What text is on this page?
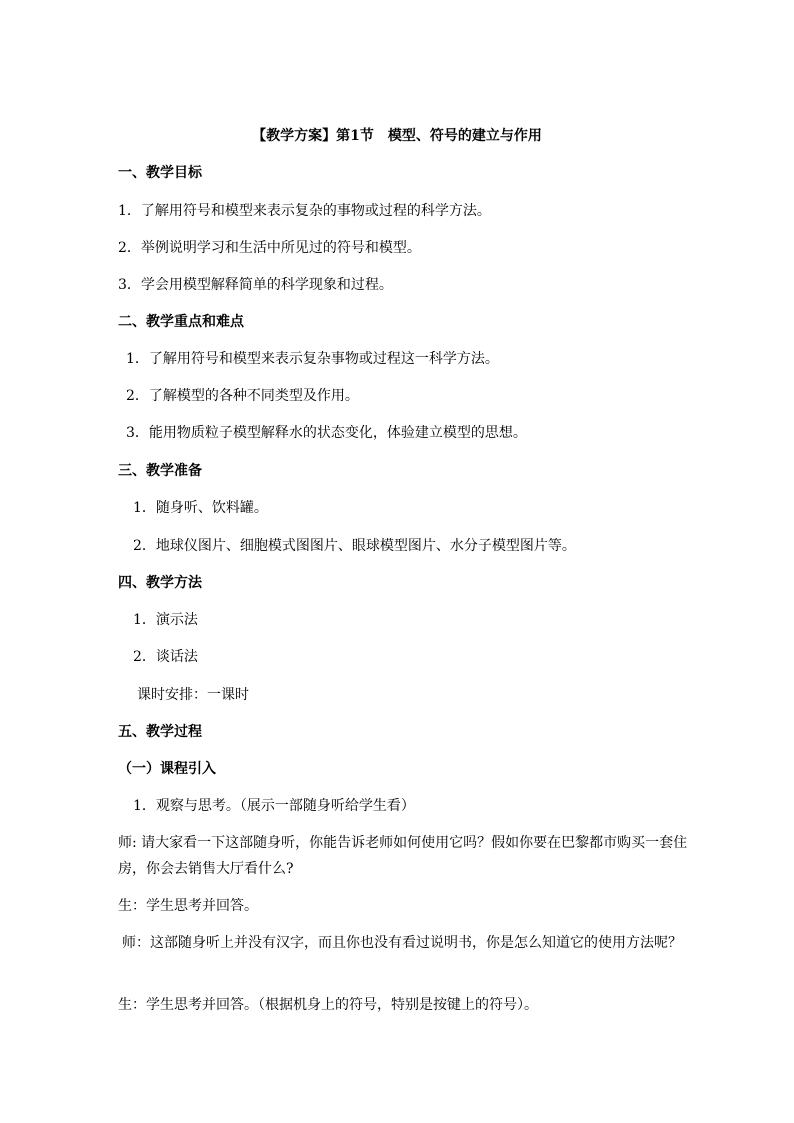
【教学方案】第1节　模型、符号的建立与作用
一、教学目标
1．了解用符号和模型来表示复杂的事物或过程的科学方法。
2．举例说明学习和生活中所见过的符号和模型。
3．学会用模型解释简单的科学现象和过程。
二、教学重点和难点
1．了解用符号和模型来表示复杂事物或过程这一科学方法。
2．了解模型的各种不同类型及作用。
3．能用物质粒子模型解释水的状态变化，体验建立模型的思想。
三、教学准备
1．随身听、饮料罐。
2．地球仪图片、细胞模式图图片、眼球模型图片、水分子模型图片等。
四、教学方法
1．演示法
2．谈话法
课时安排：一课时
五、教学过程
（一）课程引入
1．观察与思考。（展示一部随身听给学生看）
师: 请大家看一下这部随身听，你能告诉老师如何使用它吗？假如你要在巴黎都市购买一套住房，你会去销售大厅看什么?
生：学生思考并回答。
师：这部随身听上并没有汉字，而且你也没有看过说明书，你是怎么知道它的使用方法呢？
生：学生思考并回答。（根据机身上的符号，特别是按键上的符号）。
